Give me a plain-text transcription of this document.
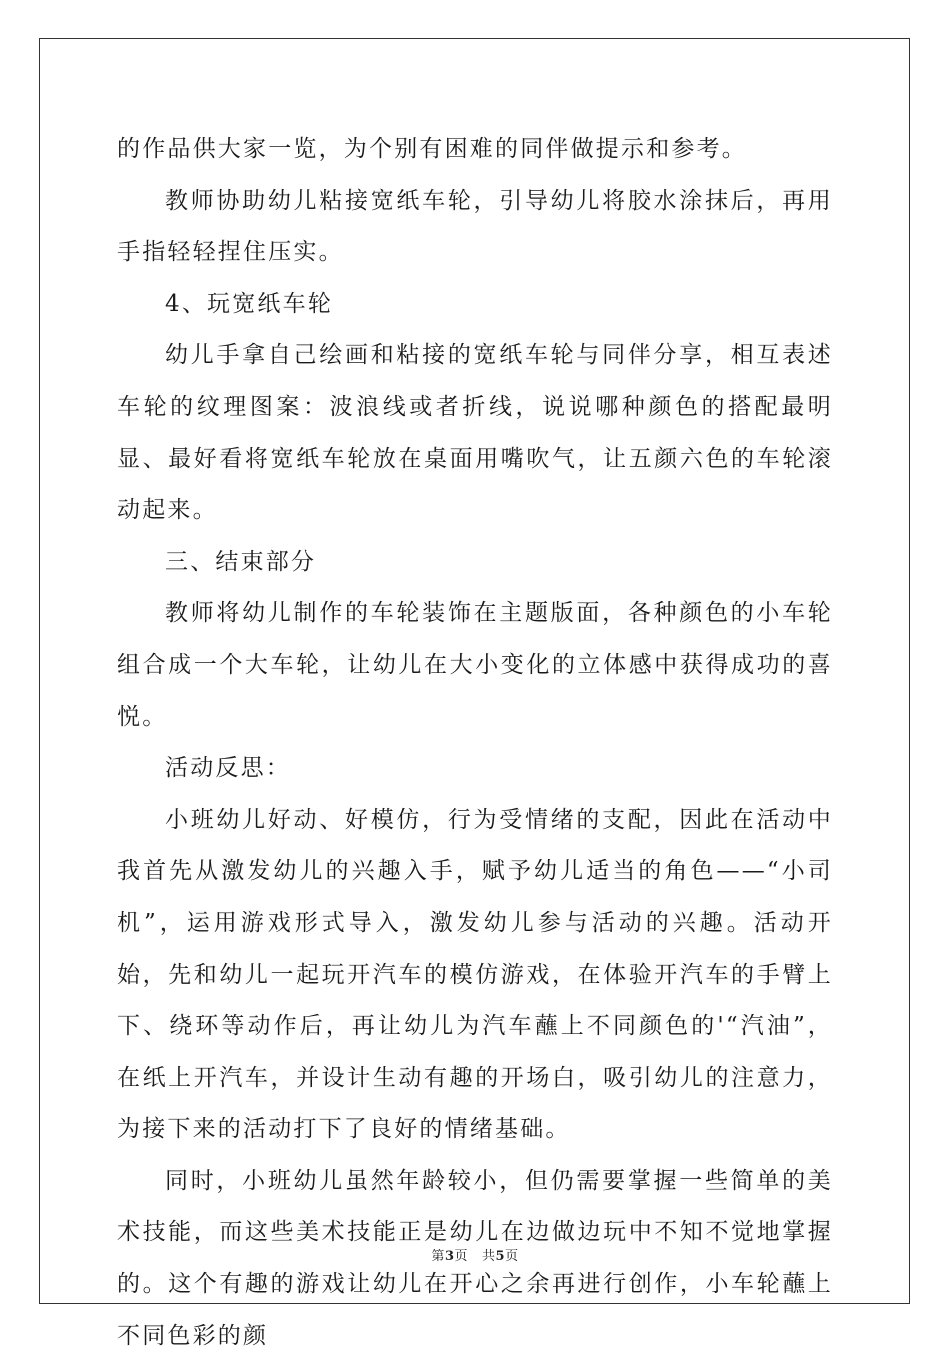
的作品供大家一览，为个别有困难的同伴做提示和参考。

教师协助幼儿粘接宽纸车轮，引导幼儿将胶水涂抹后，再用手指轻轻捏住压实。

4、玩宽纸车轮

幼儿手拿自己绘画和粘接的宽纸车轮与同伴分享，相互表述车轮的纹理图案：波浪线或者折线，说说哪种颜色的搭配最明显、最好看将宽纸车轮放在桌面用嘴吹气，让五颜六色的车轮滚动起来。

三、结束部分

教师将幼儿制作的车轮装饰在主题版面，各种颜色的小车轮组合成一个大车轮，让幼儿在大小变化的立体感中获得成功的喜悦。

活动反思：

小班幼儿好动、好模仿，行为受情绪的支配，因此在活动中我首先从激发幼儿的兴趣入手，赋予幼儿适当的角色——“小司机”，运用游戏形式导入，激发幼儿参与活动的兴趣。活动开始，先和幼儿一起玩开汽车的模仿游戏，在体验开汽车的手臂上下、绕环等动作后，再让幼儿为汽车蘸上不同颜色的'“汽油”，在纸上开汽车，并设计生动有趣的开场白，吸引幼儿的注意力，为接下来的活动打下了良好的情绪基础。

同时，小班幼儿虽然年龄较小，但仍需要掌握一些简单的美术技能，而这些美术技能正是幼儿在边做边玩中不知不觉地掌握的。这个有趣的游戏让幼儿在开心之余再进行创作，小车轮蘸上不同色彩的颜

第3页 共5页
